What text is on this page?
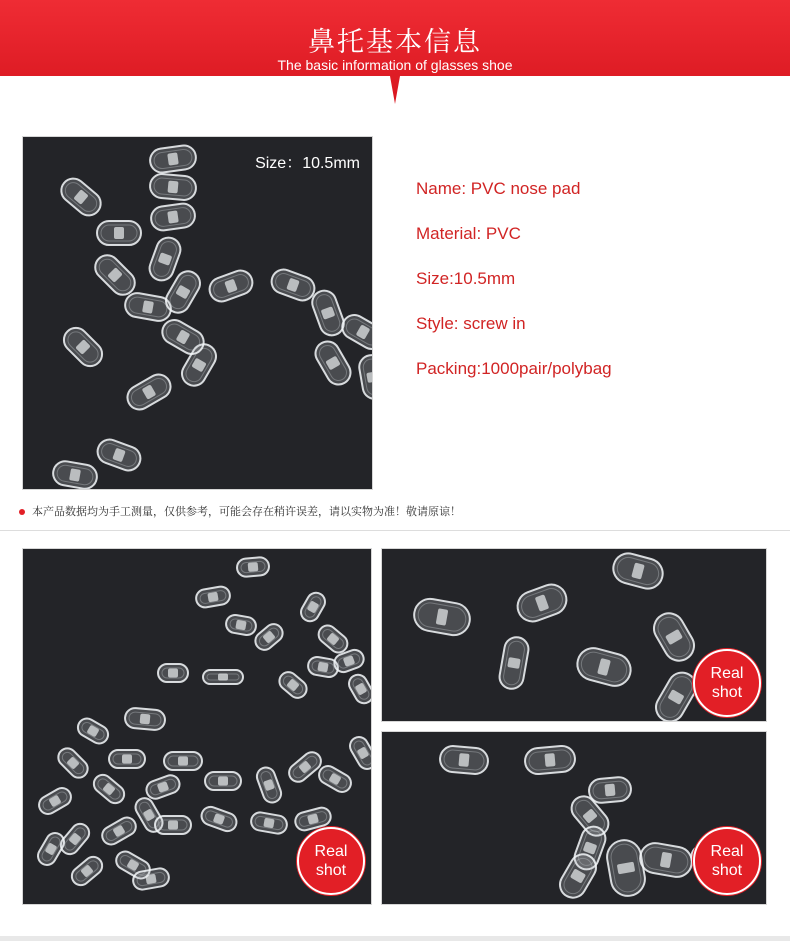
鼻托基本信息
The basic information of glasses shoe
Size：10.5mm
Name: PVC nose pad
Material: PVC
Size:10.5mm
Style: screw in
Packing:1000pair/polybag
本产品数据均为手工测量，仅供参考，可能会存在稍许误差，请以实物为准！敬请原谅！
Real
shot
Real
shot
Real
shot
